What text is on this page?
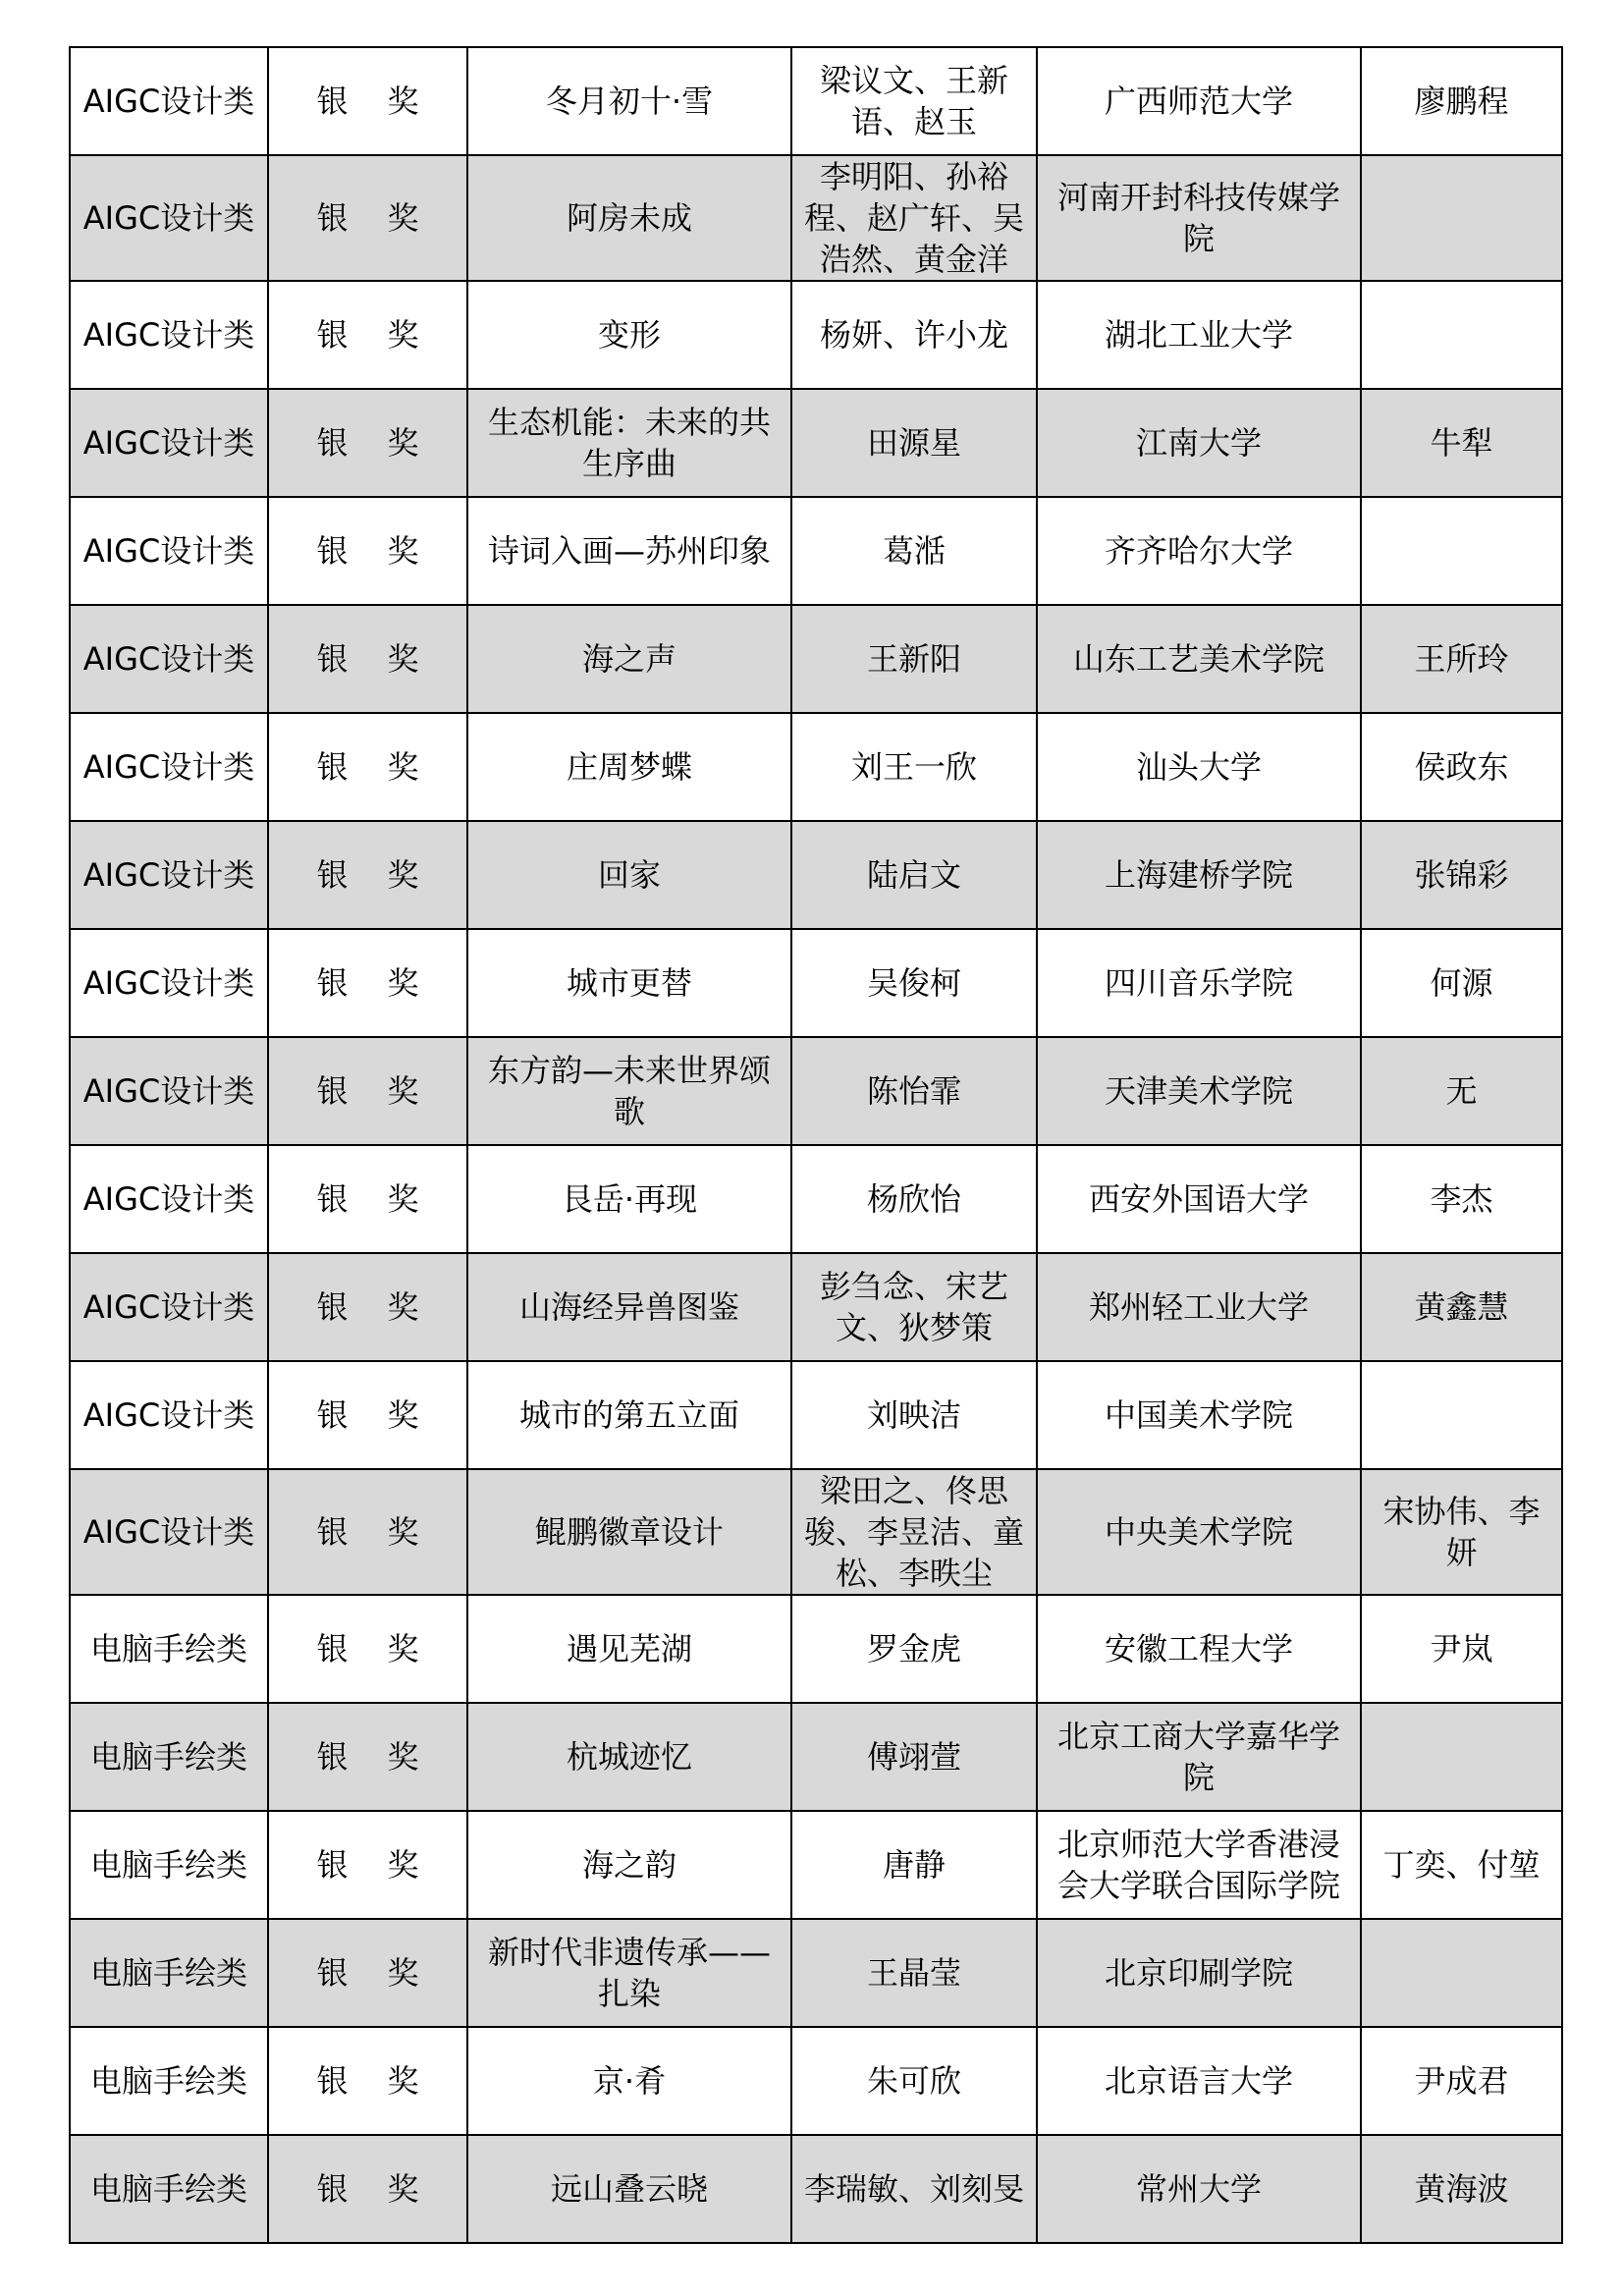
AIGC设计类	银奖	冬月初十·雪	梁议文、王新语、赵玉	广西师范大学	廖鹏程
AIGC设计类	银奖	阿房未成	李明阳、孙裕程、赵广轩、吴浩然、黄金洋	河南开封科技传媒学院	
AIGC设计类	银奖	变形	杨妍、许小龙	湖北工业大学	
AIGC设计类	银奖	生态机能：未来的共生序曲	田源星	江南大学	牛犁
AIGC设计类	银奖	诗词入画—苏州印象	葛湉	齐齐哈尔大学	
AIGC设计类	银奖	海之声	王新阳	山东工艺美术学院	王所玲
AIGC设计类	银奖	庄周梦蝶	刘王一欣	汕头大学	侯政东
AIGC设计类	银奖	回家	陆启文	上海建桥学院	张锦彩
AIGC设计类	银奖	城市更替	吴俊柯	四川音乐学院	何源
AIGC设计类	银奖	东方韵—未来世界颂歌	陈怡霏	天津美术学院	无
AIGC设计类	银奖	艮岳·再现	杨欣怡	西安外国语大学	李杰
AIGC设计类	银奖	山海经异兽图鉴	彭刍念、宋艺文、狄梦策	郑州轻工业大学	黄鑫慧
AIGC设计类	银奖	城市的第五立面	刘映洁	中国美术学院	
AIGC设计类	银奖	鲲鹏徽章设计	梁田之、佟思骏、李昱洁、童松、李昳尘	中央美术学院	宋协伟、李妍
电脑手绘类	银奖	遇见芜湖	罗金虎	安徽工程大学	尹岚
电脑手绘类	银奖	杭城迹忆	傅翊萱	北京工商大学嘉华学院	
电脑手绘类	银奖	海之韵	唐静	北京师范大学香港浸会大学联合国际学院	丁奕、付堃
电脑手绘类	银奖	新时代非遗传承——扎染	王晶莹	北京印刷学院	
电脑手绘类	银奖	京·肴	朱可欣	北京语言大学	尹成君
电脑手绘类	银奖	远山叠云晓	李瑞敏、刘刻旻	常州大学	黄海波
